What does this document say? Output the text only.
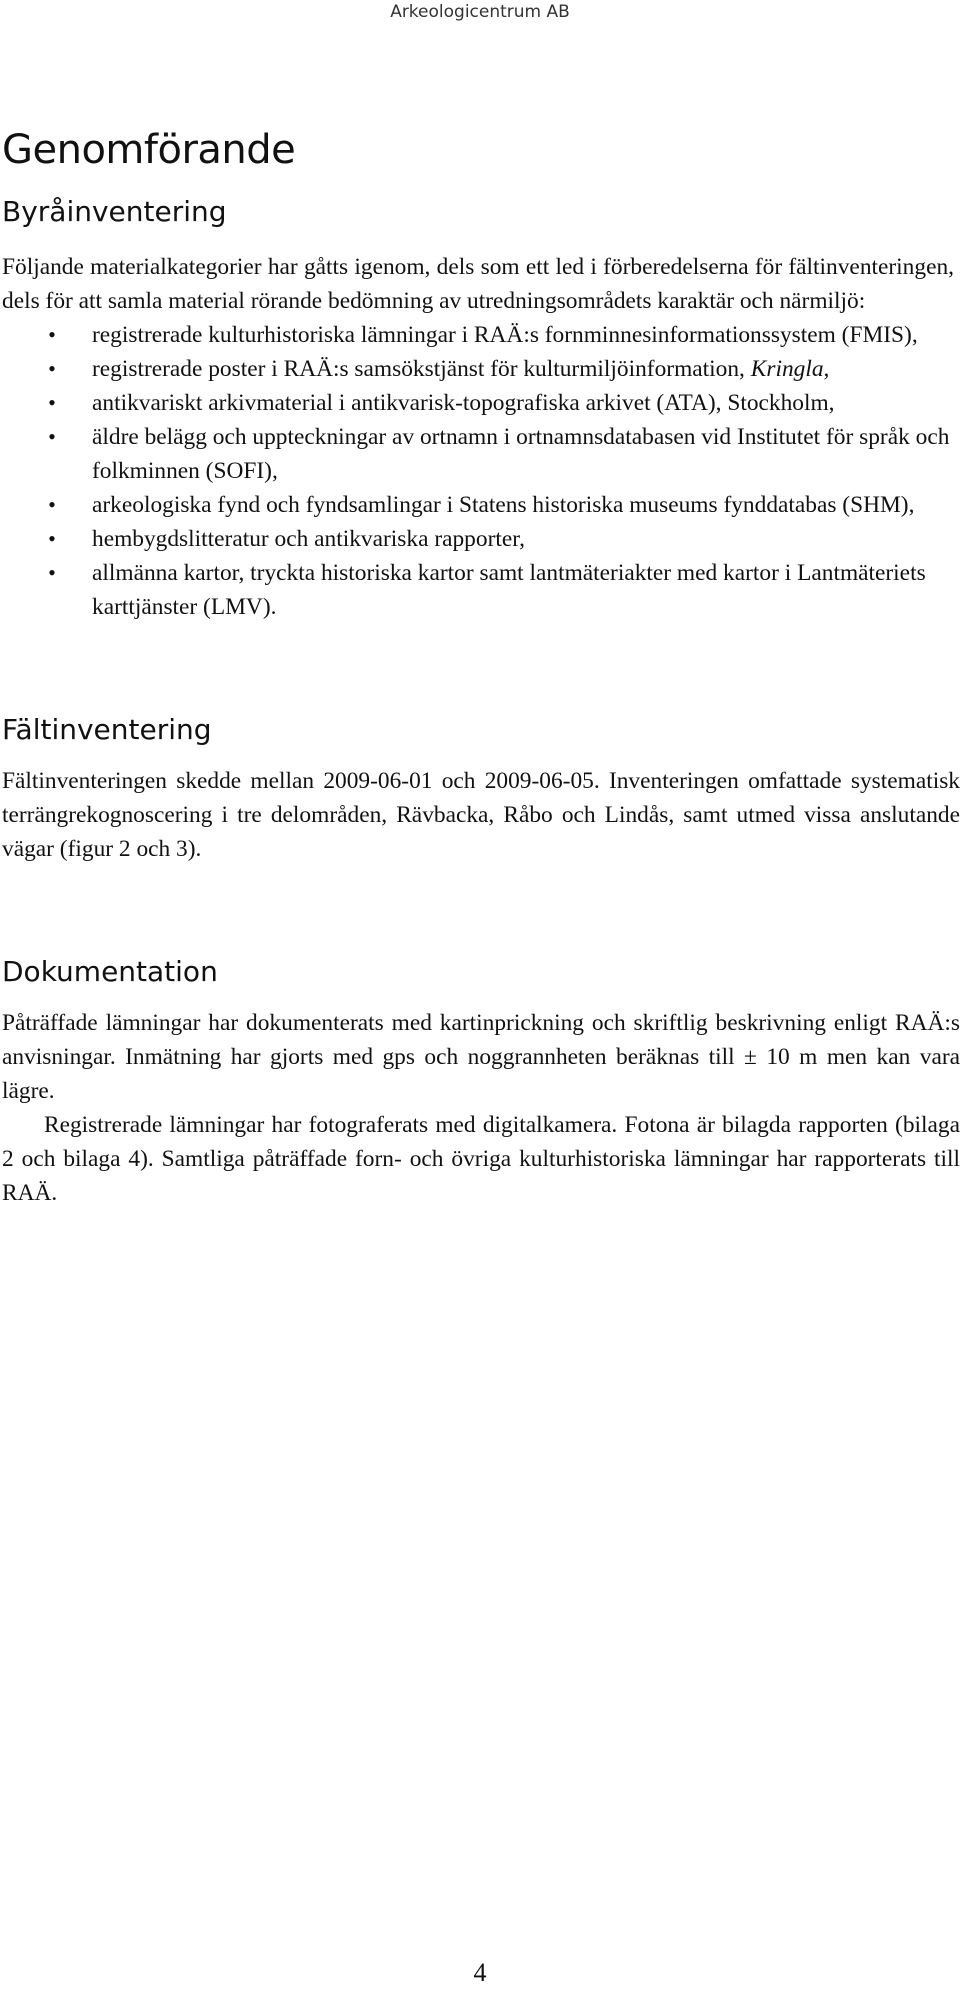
Arkeologicentrum AB
Genomförande
Byråinventering

Följande materialkategorier har gåtts igenom, dels som ett led i förberedelserna för fältinventeringen, dels för att samla material rörande bedömning av utredningsområdets karaktär och närmiljö:

• registrerade kulturhistoriska lämningar i RAÄ:s fornminnesinformationssystem (FMIS),
• registrerade poster i RAÄ:s samsökstjänst för kulturmiljöinformation, Kringla,
• antikvariskt arkivmaterial i antikvarisk-topografiska arkivet (ATA), Stockholm,
• äldre belägg och uppteckningar av ortnamn i ortnamnsdatabasen vid Institutet för språk och folkminnen (SOFI),
• arkeologiska fynd och fyndsamlingar i Statens historiska museums fynddatabas (SHM),
• hembygdslitteratur och antikvariska rapporter,
• allmänna kartor, tryckta historiska kartor samt lantmäteriakter med kartor i Lantmäteriets karttjänster (LMV).
Fältinventering

Fältinventeringen skedde mellan 2009-06-01 och 2009-06-05. Inventeringen omfattade systematisk terrängrekognoscering i tre delområden, Rävbacka, Råbo och Lindås, samt utmed vissa anslutande vägar (figur 2 och 3).

Dokumentation

Påträffade lämningar har dokumenterats med kartinprickning och skriftlig beskrivning enligt RAÄ:s anvisningar. Inmätning har gjorts med gps och noggrannheten beräknas till ± 10 m men kan vara lägre.

Registrerade lämningar har fotograferats med digitalkamera. Fotona är bilagda rapporten (bilaga 2 och bilaga 4). Samtliga påträffade forn- och övriga kulturhistoriska lämningar har rapporterats till RAÄ.

4
